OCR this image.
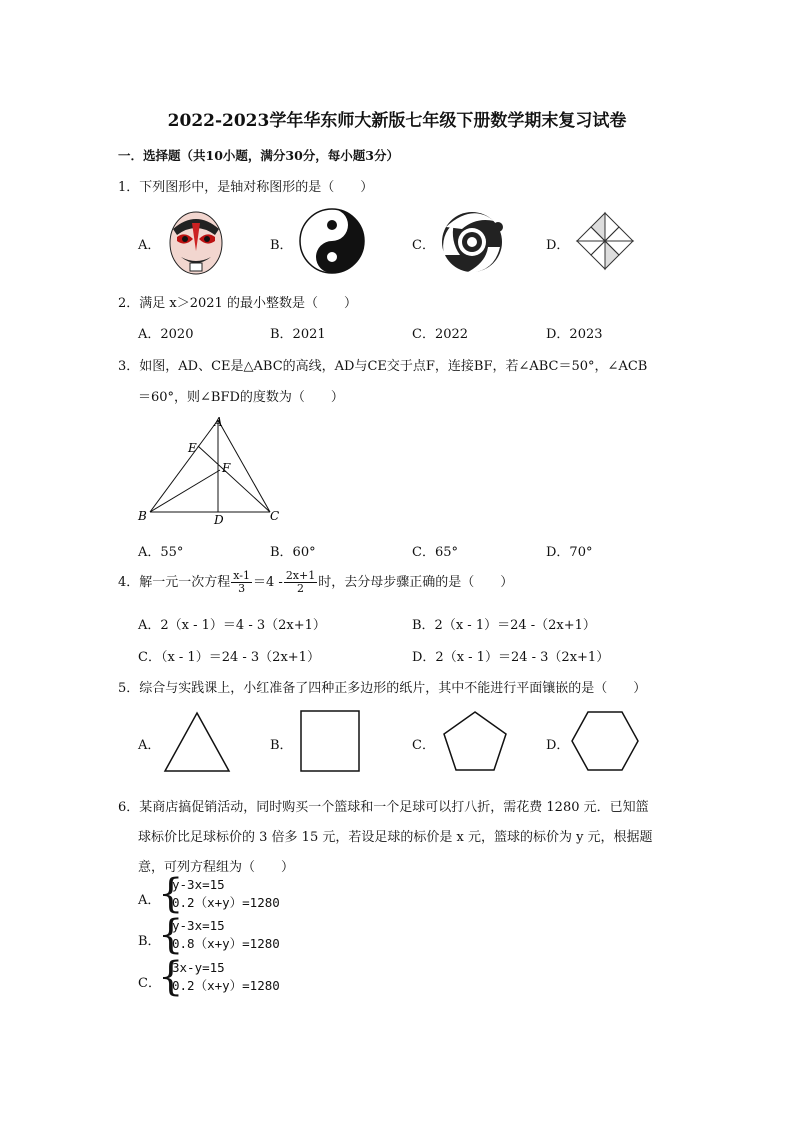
2022-2023学年华东师大新版七年级下册数学期末复习试卷
一．选择题（共10小题，满分30分，每小题3分）
1．下列图形中，是轴对称图形的是（　　）
A．	B．	C．	D．
2．满足 x＞2021 的最小整数是（　　）
A．2020	B．2021	C．2022	D．2023
3．如图，AD、CE是△ABC的高线，AD与CE交于点F，连接BF，若∠ABC＝50°，∠ACB
＝60°，则∠BFD的度数为（　　）
A
E
F
B	D	C
A．55°	B．60°	C．65°	D．70°
4．解一元一次方程 $\frac{x-1}{3} =4 - \frac{2x+1}{2}$ 时，去分母步骤正确的是（　　）
A．2（x - 1）＝4 - 3（2x+1）	B．2（x - 1）＝24 -（2x+1）
C．（x - 1）＝24 - 3（2x+1）	D．2（x - 1）＝24 - 3（2x+1）
5．综合与实践课上，小红准备了四种正多边形的纸片，其中不能进行平面镶嵌的是（　　）
A．	B．	C．	D．
6．某商店搞促销活动，同时购买一个篮球和一个足球可以打八折，需花费 1280 元．已知篮
球标价比足球标价的 3 倍多 15 元，若设足球的标价是 x 元，篮球的标价为 y 元，根据题
意，可列方程组为（　　）
A．
{
y-3x=15
0.2（x+y）=1280
B．
{
y-3x=15
0.8（x+y）=1280
C．
{
3x-y=15
0.2（x+y）=1280
